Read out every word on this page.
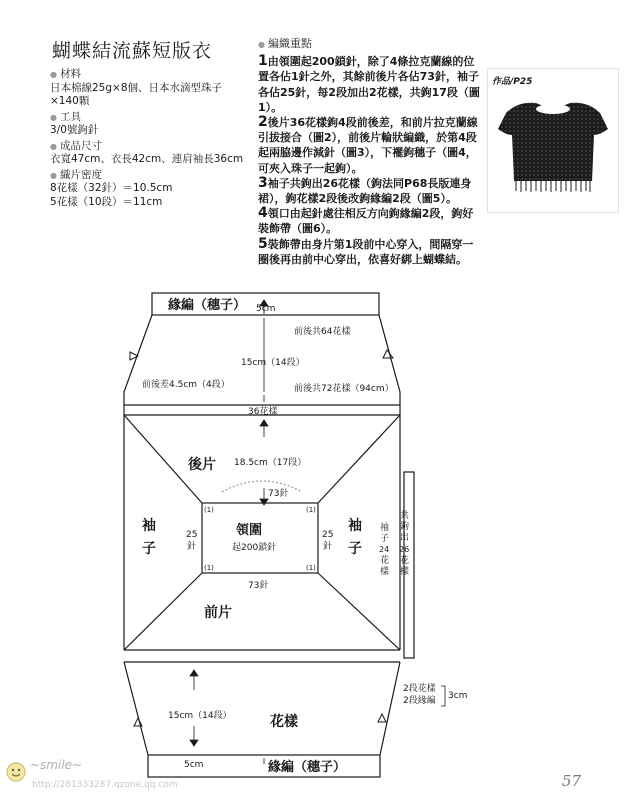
蝴蝶結流蘇短版衣
● 材料
日本棉線25g×8個、日本水滴型珠子×140顆
● 工具
3/0號鉤針
● 成品尺寸
衣寬47cm、衣長42cm、連肩袖長36cm
● 織片密度
8花樣（32針）＝10.5cm
5花樣（10段）＝11cm
● 編織重點
1由領圍起200鎖針，除了4條拉克蘭線的位置各佔1針之外，其餘前後片各佔73針，袖子各佔25針，每2段加出2花樣，共鉤17段（圖1）。
2後片36花樣鉤4段前後差，和前片拉克蘭線引拔接合（圖2），前後片輪狀編織，於第4段起兩脇邊作減針（圖3），下襬鉤穗子（圖4，可夾入珠子一起鉤）。
3袖子共鉤出26花樣（鉤法同P68長版連身裙），鉤花樣2段後改鉤緣編2段（圖5）。
4領口由起針處往相反方向鉤緣編2段，鉤好裝飾帶（圖6）。
5裝飾帶由身片第1段前中心穿入，間隔穿一圈後再由前中心穿出，依喜好綁上蝴蝶結。
作品/P25
緣編（穗子） 5cm
前後共64花樣
15cm（14段）
前後差4.5cm（4段）	前後共72花樣（94cm）
36花樣
後片 18.5cm（17段）
73針
(1)	(1)
(1)	(1)
袖
子
25
針
領圍
起200鎖針
25
針
袖
子
73針
前片
袖
子
24
花
樣
共
鉤
出
26
花
樣
2段花樣
2段緣編 3cm
15cm（14段）	花樣
5cm	緣編（穗子）
~smile~
http://281333287.qzone.qq.com	57
